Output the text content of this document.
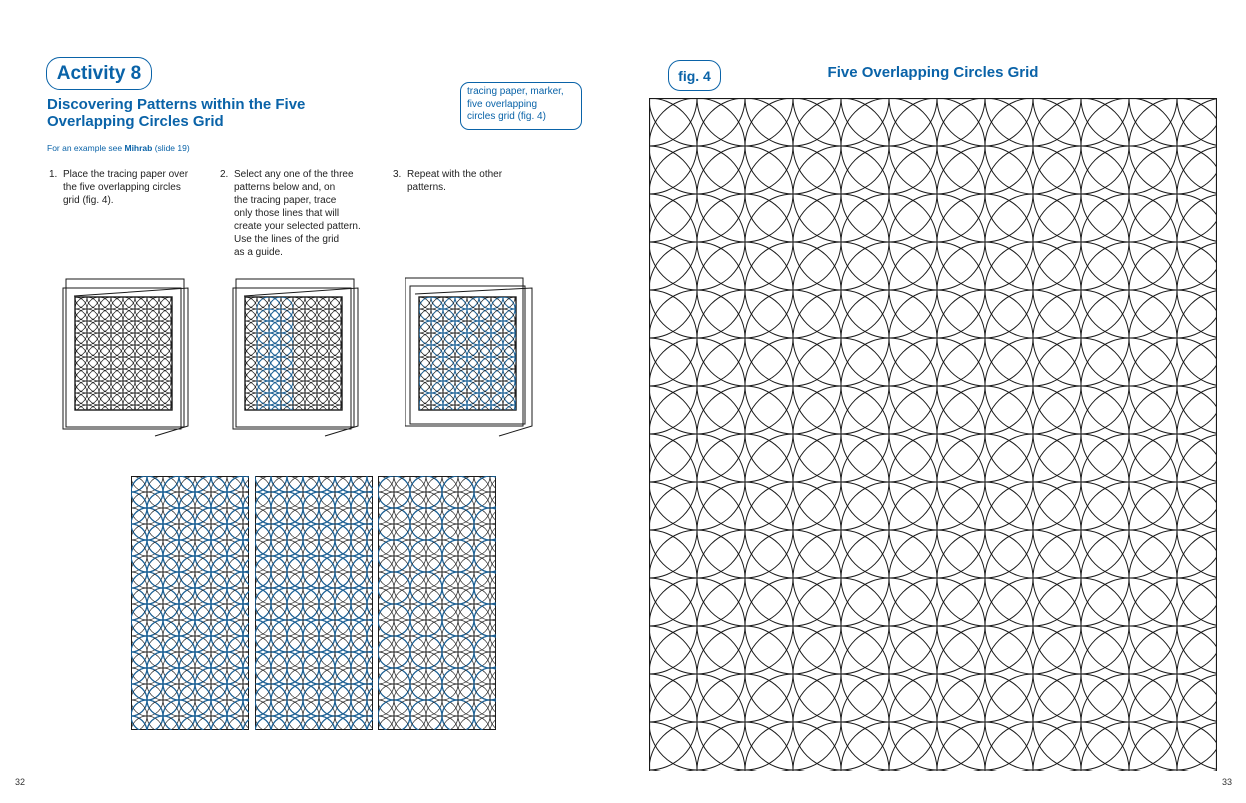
Activity 8
Discovering Patterns within the Five
Overlapping Circles Grid
For an example see Mihrab (slide 19)
tracing paper, marker,
five overlapping
circles grid (fig. 4)
1. Place the tracing paper over
the five overlapping circles
grid (fig. 4).
2. Select any one of the three
patterns below and, on
the tracing paper, trace
only those lines that will
create your selected pattern.
Use the lines of the grid
as a guide.
3. Repeat with the other
patterns.
32
fig. 4	Five Overlapping Circles Grid
33
